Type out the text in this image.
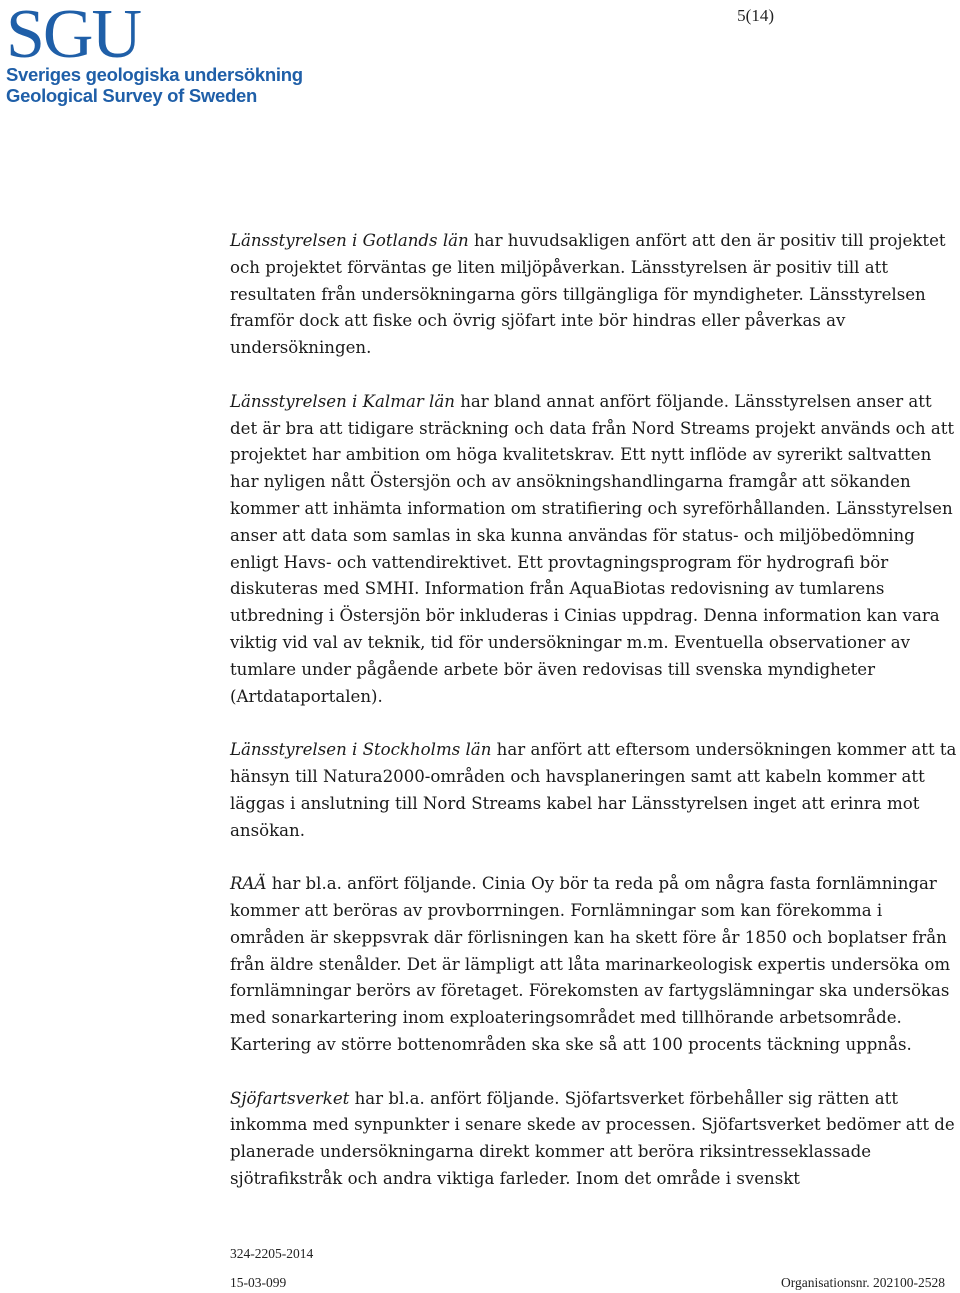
SGU
Sveriges geologiska undersökning
Geological Survey of Sweden
5(14)

Länsstyrelsen i Gotlands län har huvudsakligen anfört att den är positiv till projektet och projektet förväntas ge liten miljöpåverkan. Länsstyrelsen är positiv till att resultaten från undersökningarna görs tillgängliga för myndigheter. Länsstyrelsen framför dock att fiske och övrig sjöfart inte bör hindras eller påverkas av undersökningen.

Länsstyrelsen i Kalmar län har bland annat anfört följande. Länsstyrelsen anser att det är bra att tidigare sträckning och data från Nord Streams projekt används och att projektet har ambition om höga kvalitetskrav. Ett nytt inflöde av syrerikt saltvatten har nyligen nått Östersjön och av ansökningshandlingarna framgår att sökanden kommer att inhämta information om stratifiering och syreförhållanden. Länsstyrelsen anser att data som samlas in ska kunna användas för status- och miljöbedömning enligt Havs- och vattendirektivet. Ett provtagningsprogram för hydrografi bör diskuteras med SMHI. Information från AquaBiotas redovisning av tumlarens utbredning i Östersjön bör inkluderas i Cinias uppdrag. Denna information kan vara viktig vid val av teknik, tid för undersökningar m.m. Eventuella observationer av tumlare under pågående arbete bör även redovisas till svenska myndigheter (Artdataportalen).

Länsstyrelsen i Stockholms län har anfört att eftersom undersökningen kommer att ta hänsyn till Natura2000-områden och havsplaneringen samt att kabeln kommer att läggas i anslutning till Nord Streams kabel har Länsstyrelsen inget att erinra mot ansökan.

RAÄ har bl.a. anfört följande. Cinia Oy bör ta reda på om några fasta fornlämningar kommer att beröras av provborrningen. Fornlämningar som kan förekomma i områden är skeppsvrak där förlisningen kan ha skett före år 1850 och boplatser från från äldre stenålder. Det är lämpligt att låta marinarkeologisk expertis undersöka om fornlämningar berörs av företaget. Förekomsten av fartygslämningar ska undersökas med sonarkartering inom exploateringsområdet med tillhörande arbetsområde. Kartering av större bottenområden ska ske så att 100 procents täckning uppnås.

Sjöfartsverket har bl.a. anfört följande. Sjöfartsverket förbehåller sig rätten att inkomma med synpunkter i senare skede av processen. Sjöfartsverket bedömer att de planerade undersökningarna direkt kommer att beröra riksintresseklassade sjötrafikstråk och andra viktiga farleder. Inom det område i svenskt

324-2205-2014
15-03-099	Organisationsnr. 202100-2528
